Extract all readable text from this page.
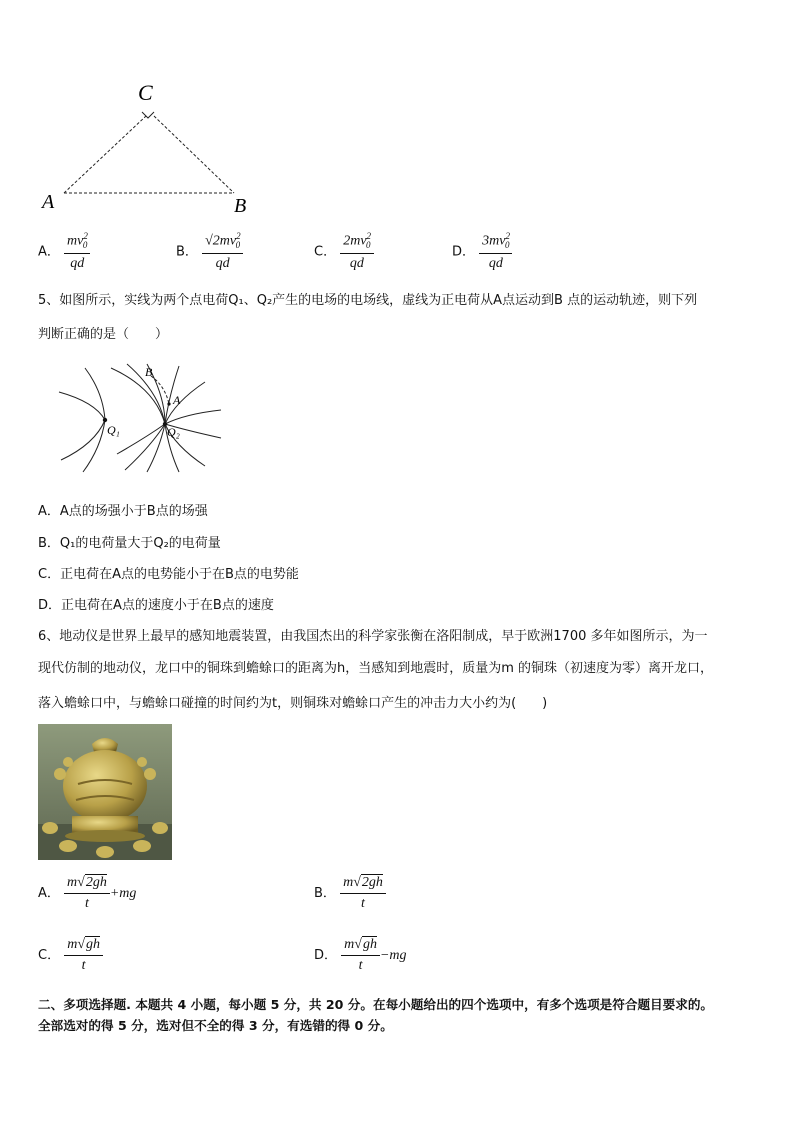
C
A	B
A． $\frac{mv^2_0}{qd}$	B． $\frac{√2mv^2_0}{qd}$	C． $\frac{2mv^2_0}{qd}$	D． $\frac{3mv^2_0}{qd}$
5、如图所示，实线为两个点电荷Q₁、Q₂产生的电场的电场线，虚线为正电荷从A点运动到B 点的运动轨迹，则下列
判断正确的是（　　）
B
A
Q₁	Q₂
A．A点的场强小于B点的场强
B．Q₁的电荷量大于Q₂的电荷量
C．正电荷在A点的电势能小于在B点的电势能
D．正电荷在A点的速度小于在B点的速度
6、地动仪是世界上最早的感知地震装置，由我国杰出的科学家张衡在洛阳制成，早于欧洲1700 多年如图所示，为一
现代仿制的地动仪，龙口中的铜珠到蟾蜍口的距离为h，当感知到地震时，质量为m 的铜珠（初速度为零）离开龙口，
落入蟾蜍口中，与蟾蜍口碰撞的时间约为t，则铜珠对蟾蜍口产生的冲击力大小约为(　　)
A． $\frac{m√2gh}{t} +mg$	B． $\frac{m√2gh}{t}$
C． $\frac{m√gh}{t}$	D． $\frac{m√gh}{t} -mg$
二、多项选择题. 本题共 4 小题，每小题 5 分，共 20 分。在每小题给出的四个选项中，有多个选项是符合题目要求的。
全部选对的得 5 分，选对但不全的得 3 分，有选错的得 0 分。
